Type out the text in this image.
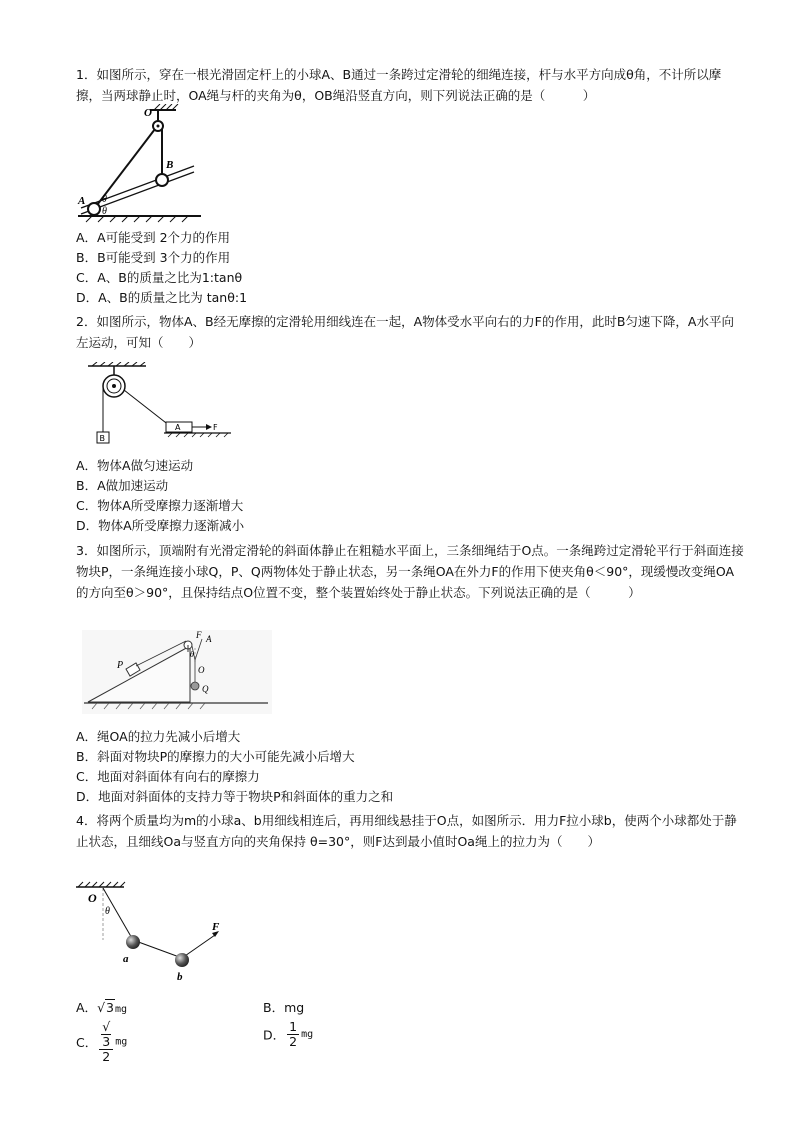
1．如图所示，穿在一根光滑固定杆上的小球A、B通过一条跨过定滑轮的细绳连接，杆与水平方向成θ角，不计所以摩擦，当两球静止时，OA绳与杆的夹角为θ，OB绳沿竖直方向，则下列说法正确的是（　　　）

O
B
A θ
θ
A．A可能受到 2个力的作用
B．B可能受到 3个力的作用
C．A、B的质量之比为1:tanθ
D．A、B的质量之比为 tanθ:1

2．如图所示，物体A、B经无摩擦的定滑轮用细线连在一起，A物体受水平向右的力F的作用，此时B匀速下降，A水平向左运动，可知（　　）

B
A	F
A．物体A做匀速运动
B．A做加速运动
C．物体A所受摩擦力逐渐增大
D．物体A所受摩擦力逐渐减小

3．如图所示，顶端附有光滑定滑轮的斜面体静止在粗糙水平面上，三条细绳结于O点。一条绳跨过定滑轮平行于斜面连接物块P，一条绳连接小球Q，P、Q两物体处于静止状态，另一条绳OA在外力F的作用下使夹角θ＜90°，现缓慢改变绳OA的方向至θ＞90°，且保持结点O位置不变，整个装置始终处于静止状态。下列说法正确的是（　　　）

P
F A
θ
O
Q
A．绳OA的拉力先减小后增大
B．斜面对物块P的摩擦力的大小可能先减小后增大
C．地面对斜面体有向右的摩擦力
D．地面对斜面体的支持力等于物块P和斜面体的重力之和

4．将两个质量均为m的小球a、b用细线相连后，再用细线悬挂于O点，如图所示．用力F拉小球b，使两个小球都处于静止状态，且细线Oa与竖直方向的夹角保持 θ=30°，则F达到最小值时Oa绳上的拉力为（　　）

O
θ
a
b
F
A．√3mg	B．mg
C． √
3
2 mg	D． $\frac{1}{2}$ mg
